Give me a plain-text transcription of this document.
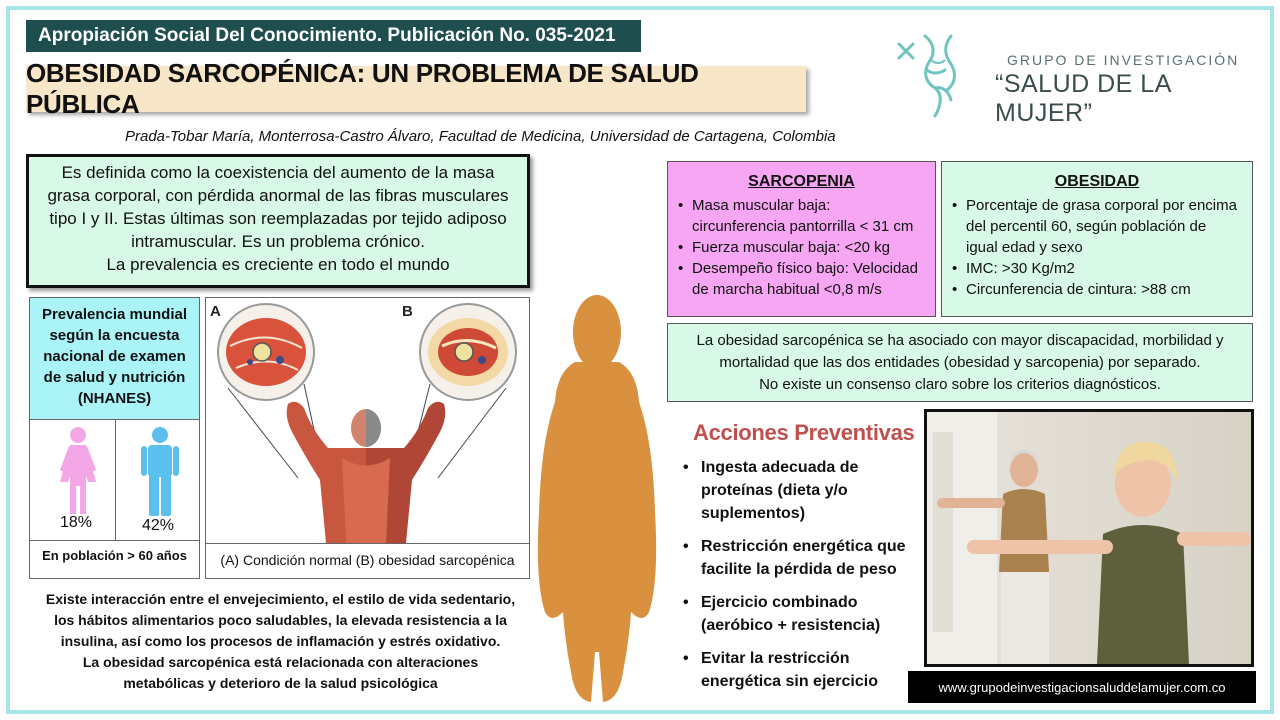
Apropiación Social Del Conocimiento. Publicación No. 035-2021
OBESIDAD SARCOPÉNICA: UN PROBLEMA DE SALUD PÚBLICA
Prada-Tobar María, Monterrosa-Castro Álvaro, Facultad de Medicina, Universidad de Cartagena, Colombia
GRUPO DE INVESTIGACIÓN
“SALUD DE LA MUJER”
Es definida como la coexistencia del aumento de la masa
grasa corporal, con pérdida anormal de las fibras musculares
tipo I y II. Estas últimas son reemplazadas por tejido adiposo
intramuscular. Es un problema crónico.
La prevalencia es creciente en todo el mundo
Prevalencia mundial
según la encuesta
nacional de examen
de salud y nutrición
(NHANES)
18%	42%
En población > 60 años
A	B
(A) Condición normal (B) obesidad sarcopénica
Existe interacción entre el envejecimiento, el estilo de vida sedentario,
los hábitos alimentarios poco saludables, la elevada resistencia a la
insulina, así como los procesos de inflamación y estrés oxidativo.
La obesidad sarcopénica está relacionada con alteraciones
metabólicas y deterioro de la salud psicológica
SARCOPENIA
• Masa muscular baja:
circunferencia pantorrilla < 31 cm
• Fuerza muscular baja: <20 kg
• Desempeño físico bajo: Velocidad
de marcha habitual <0,8 m/s
OBESIDAD
• Porcentaje de grasa corporal por encima
del percentil 60, según población de
igual edad y sexo
• IMC: >30 Kg/m2
• Circunferencia de cintura: >88 cm
La obesidad sarcopénica se ha asociado con mayor discapacidad, morbilidad y
mortalidad que las dos entidades (obesidad y sarcopenia) por separado.
No existe un consenso claro sobre los criterios diagnósticos.
Acciones Preventivas
• Ingesta adecuada de
proteínas (dieta y/o
suplementos)
• Restricción energética que
facilite la pérdida de peso
• Ejercicio combinado
(aeróbico + resistencia)
• Evitar la restricción
energética sin ejercicio	www.grupodeinvestigacionsaluddelamujer.com.co
